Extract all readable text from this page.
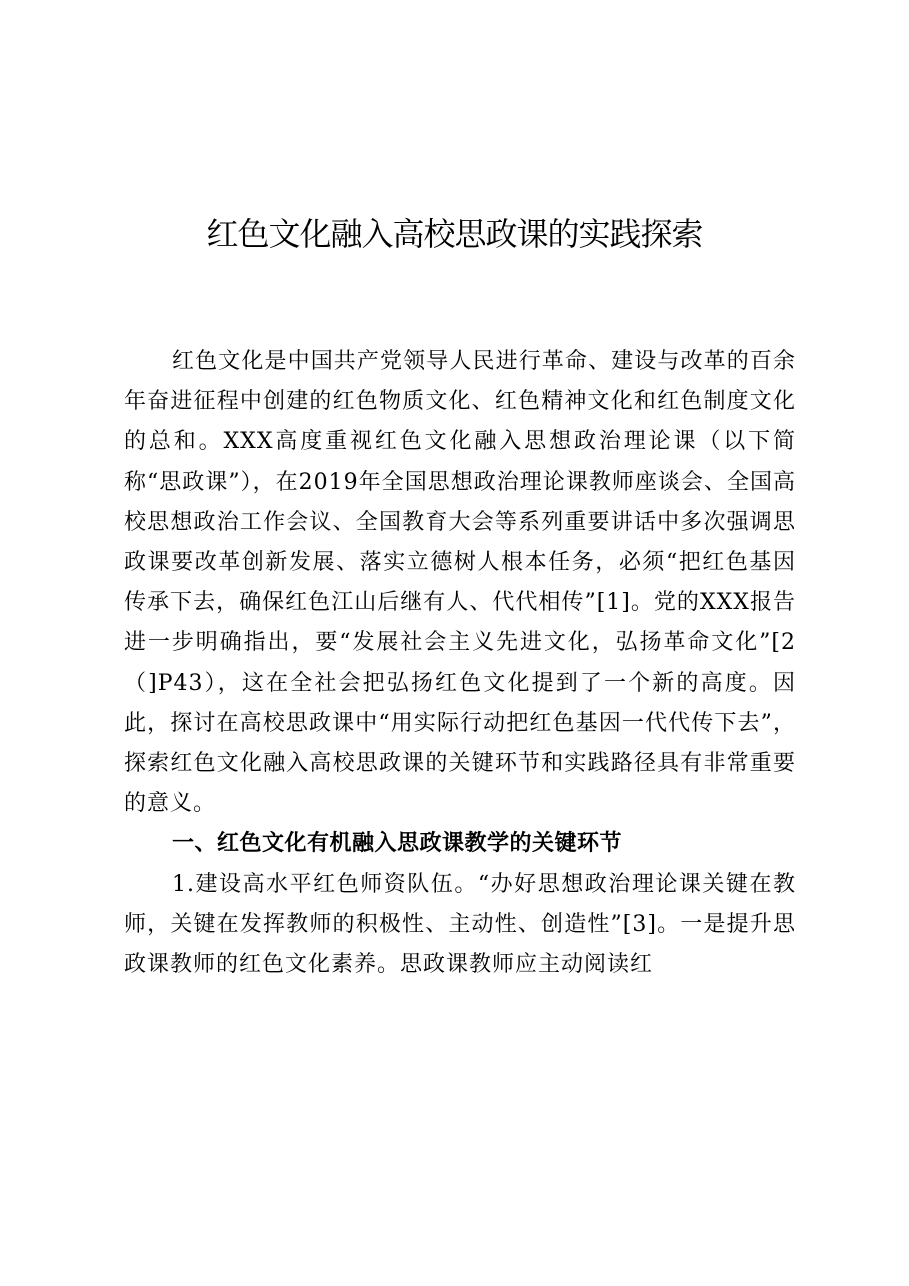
红色文化融入高校思政课的实践探索

红色文化是中国共产党领导人民进行革命、建设与改革的百余年奋进征程中创建的红色物质文化、红色精神文化和红色制度文化的总和。XXX高度重视红色文化融入思想政治理论课（以下简称“思政课”），在2019年全国思想政治理论课教师座谈会、全国高校思想政治工作会议、全国教育大会等系列重要讲话中多次强调思政课要改革创新发展、落实立德树人根本任务，必须“把红色基因传承下去，确保红色江山后继有人、代代相传”[1]。党的XXX报告进一步明确指出，要“发展社会主义先进文化，弘扬革命文化”[2（]P43），这在全社会把弘扬红色文化提到了一个新的高度。因此，探讨在高校思政课中“用实际行动把红色基因一代代传下去”，探索红色文化融入高校思政课的关键环节和实践路径具有非常重要的意义。

一、红色文化有机融入思政课教学的关键环节

1.建设高水平红色师资队伍。“办好思想政治理论课关键在教师，关键在发挥教师的积极性、主动性、创造性”[3]。一是提升思政课教师的红色文化素养。思政课教师应主动阅读红
